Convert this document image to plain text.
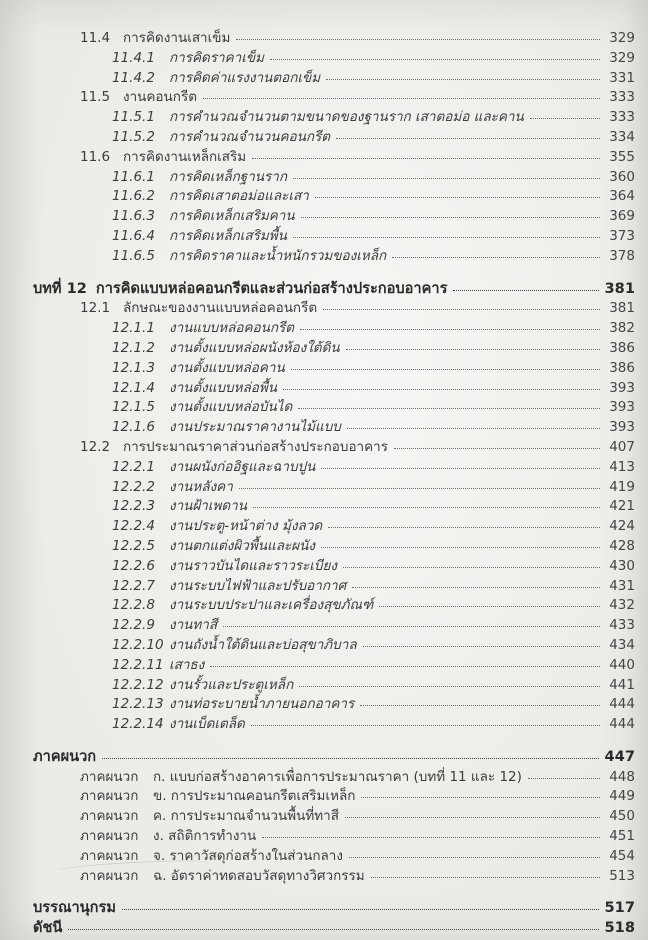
11.4 การคิดงานเสาเข็ม	329
11.4.1	การคิดราคาเข็ม	329
11.4.2	การคิดค่าแรงงานตอกเข็ม	331
11.5 งานคอนกรีต	333
11.5.1	การคำนวณจำนวนตามขนาดของฐานราก เสาตอม่อ และคาน	333
11.5.2	การคำนวณจำนวนคอนกรีต	334
11.6 การคิดงานเหล็กเสริม	355
11.6.1	การคิดเหล็กฐานราก	360
11.6.2	การคิดเสาตอม่อและเสา	364
11.6.3	การคิดเหล็กเสริมคาน	369
11.6.4	การคิดเหล็กเสริมพื้น	373
11.6.5	การคิดราคาและน้ำหนักรวมของเหล็ก	378
บทที่ 12 การคิดแบบหล่อคอนกรีตและส่วนก่อสร้างประกอบอาคาร	381
12.1 ลักษณะของงานแบบหล่อคอนกรีต	381
12.1.1	งานแบบหล่อคอนกรีต	382
12.1.2	งานตั้งแบบหล่อผนังห้องใต้ดิน	386
12.1.3	งานตั้งแบบหล่อคาน	386
12.1.4	งานตั้งแบบหล่อพื้น	393
12.1.5	งานตั้งแบบหล่อบันได	393
12.1.6	งานประมาณราคางานไม้แบบ	393
12.2 การประมาณราคาส่วนก่อสร้างประกอบอาคาร	407
12.2.1	งานผนังก่ออิฐและฉาบปูน	413
12.2.2	งานหลังคา	419
12.2.3	งานฝ้าเพดาน	421
12.2.4	งานประตู-หน้าต่าง มุ้งลวด	424
12.2.5	งานตกแต่งผิวพื้นและผนัง	428
12.2.6	งานราวบันไดและราวระเบียง	430
12.2.7	งานระบบไฟฟ้าและปรับอากาศ	431
12.2.8	งานระบบประปาและเครื่องสุขภัณฑ์	432
12.2.9	งานทาสี	433
12.2.10 งานถังน้ำใต้ดินและบ่อสุขาภิบาล	434
12.2.11 เสาธง	440
12.2.12 งานรั้วและประตูเหล็ก	441
12.2.13 งานท่อระบายน้ำภายนอกอาคาร	444
12.2.14 งานเบ็ดเตล็ด	444
ภาคผนวก	447
ภาคผนวก	ก. แบบก่อสร้างอาคารเพื่อการประมาณราคา (บทที่ 11 และ 12)	448
ภาคผนวก	ข. การประมาณคอนกรีตเสริมเหล็ก	449
ภาคผนวก	ค. การประมาณจำนวนพื้นที่ทาสี	450
ภาคผนวก	ง. สถิติการทำงาน	451
ภาคผนวก	จ. ราคาวัสดุก่อสร้างในส่วนกลาง	454
ภาคผนวก	ฉ. อัตราค่าทดสอบวัสดุทางวิศวกรรม	513
บรรณานุกรม	517
ดัชนี	518
